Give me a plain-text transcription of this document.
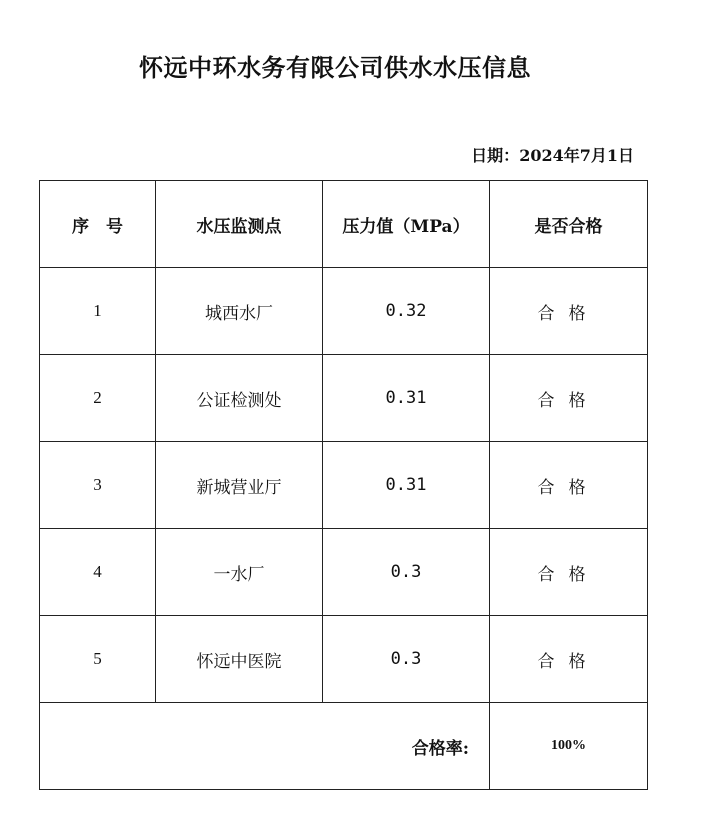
怀远中环水务有限公司供水水压信息
日期：2024年7月1日
序　号	水压监测点	压力值（MPa）	是否合格
1	城西水厂	0.32	合格
2	公证检测处	0.31	合格
3	新城营业厅	0.31	合格
4	一水厂	0.3	合格
5	怀远中医院	0.3	合格
合格率:			100%
